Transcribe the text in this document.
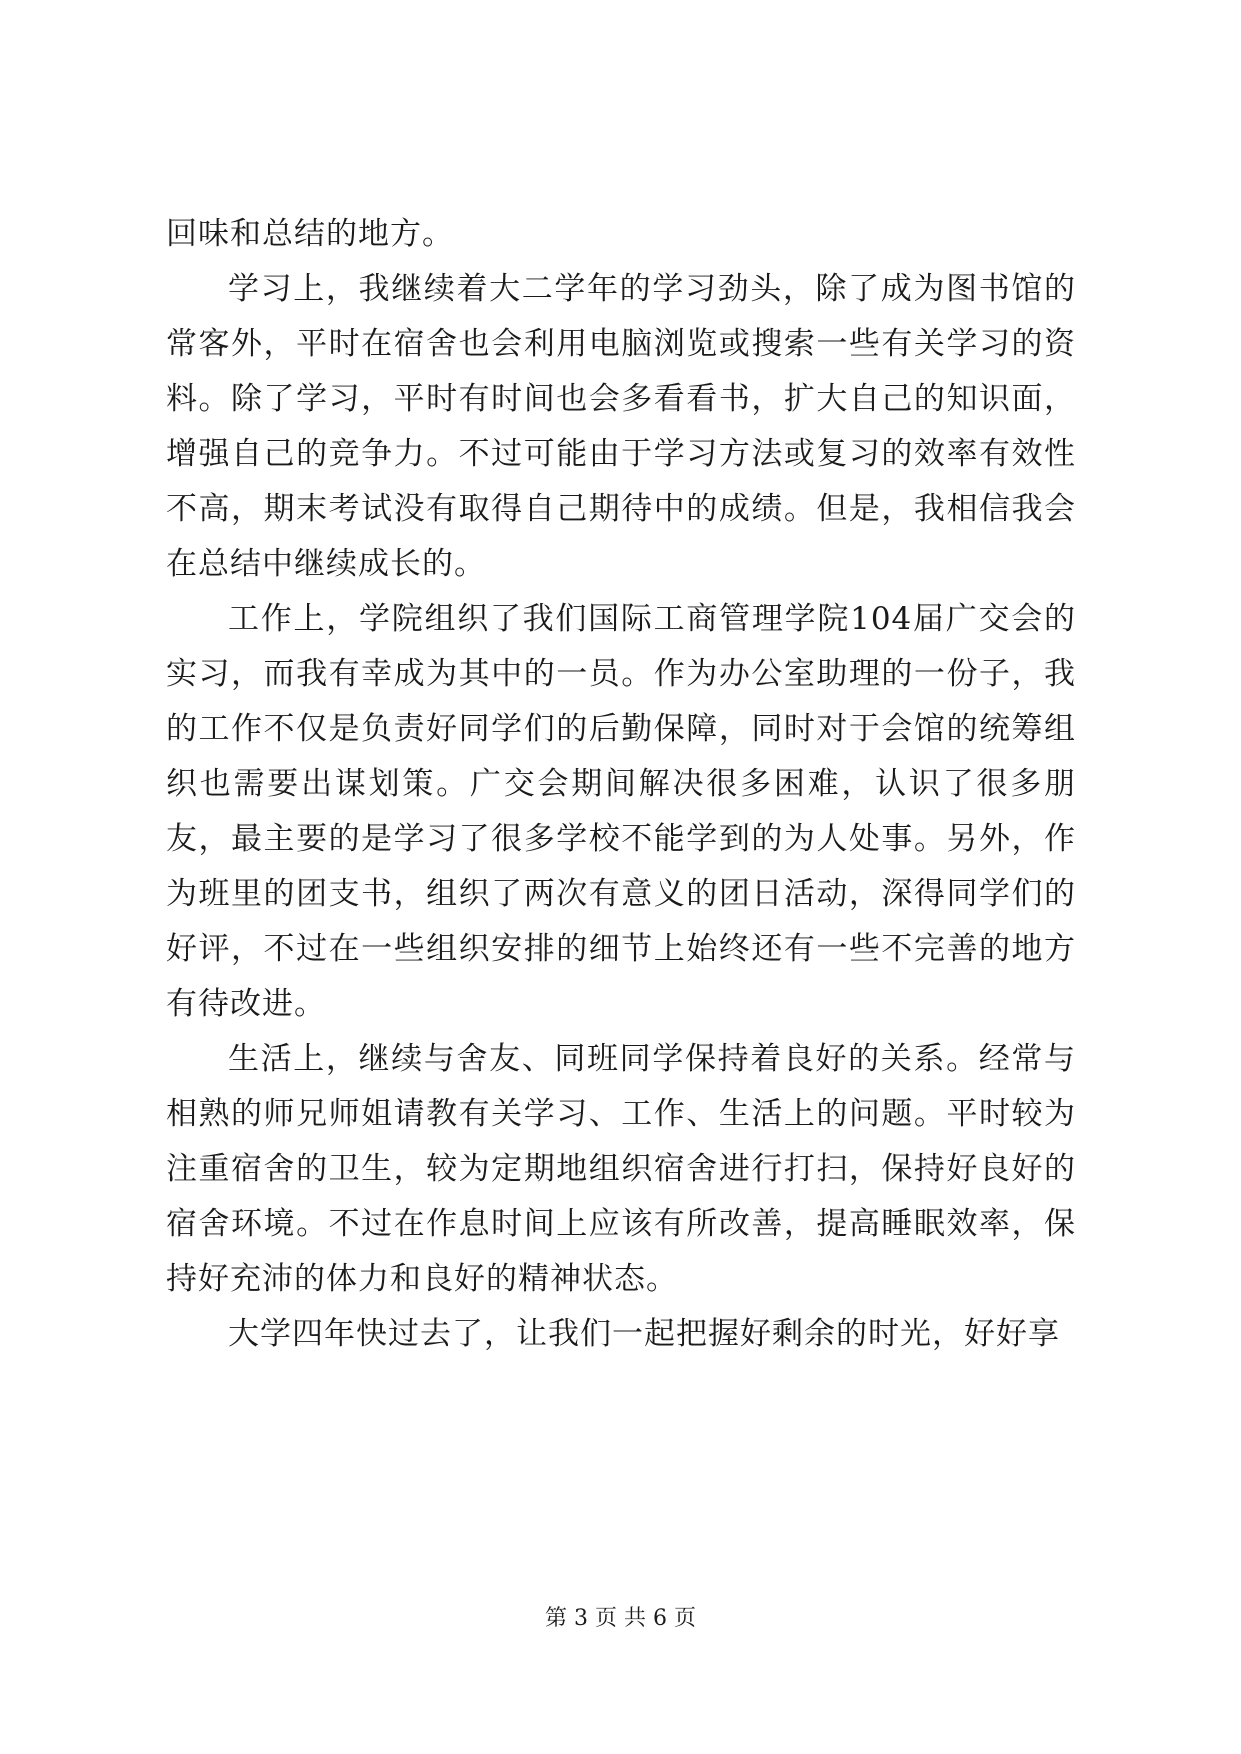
回味和总结的地方。

学习上，我继续着大二学年的学习劲头，除了成为图书馆的常客外，平时在宿舍也会利用电脑浏览或搜索一些有关学习的资料。除了学习，平时有时间也会多看看书，扩大自己的知识面，增强自己的竞争力。不过可能由于学习方法或复习的效率有效性不高，期末考试没有取得自己期待中的成绩。但是，我相信我会在总结中继续成长的。

工作上，学院组织了我们国际工商管理学院104届广交会的实习，而我有幸成为其中的一员。作为办公室助理的一份子，我的工作不仅是负责好同学们的后勤保障，同时对于会馆的统筹组织也需要出谋划策。广交会期间解决很多困难，认识了很多朋友，最主要的是学习了很多学校不能学到的为人处事。另外，作为班里的团支书，组织了两次有意义的团日活动，深得同学们的好评，不过在一些组织安排的细节上始终还有一些不完善的地方有待改进。

生活上，继续与舍友、同班同学保持着良好的关系。经常与相熟的师兄师姐请教有关学习、工作、生活上的问题。平时较为注重宿舍的卫生，较为定期地组织宿舍进行打扫，保持好良好的宿舍环境。不过在作息时间上应该有所改善，提高睡眠效率，保持好充沛的体力和良好的精神状态。

大学四年快过去了，让我们一起把握好剩余的时光，好好享

第 3 页 共 6 页
